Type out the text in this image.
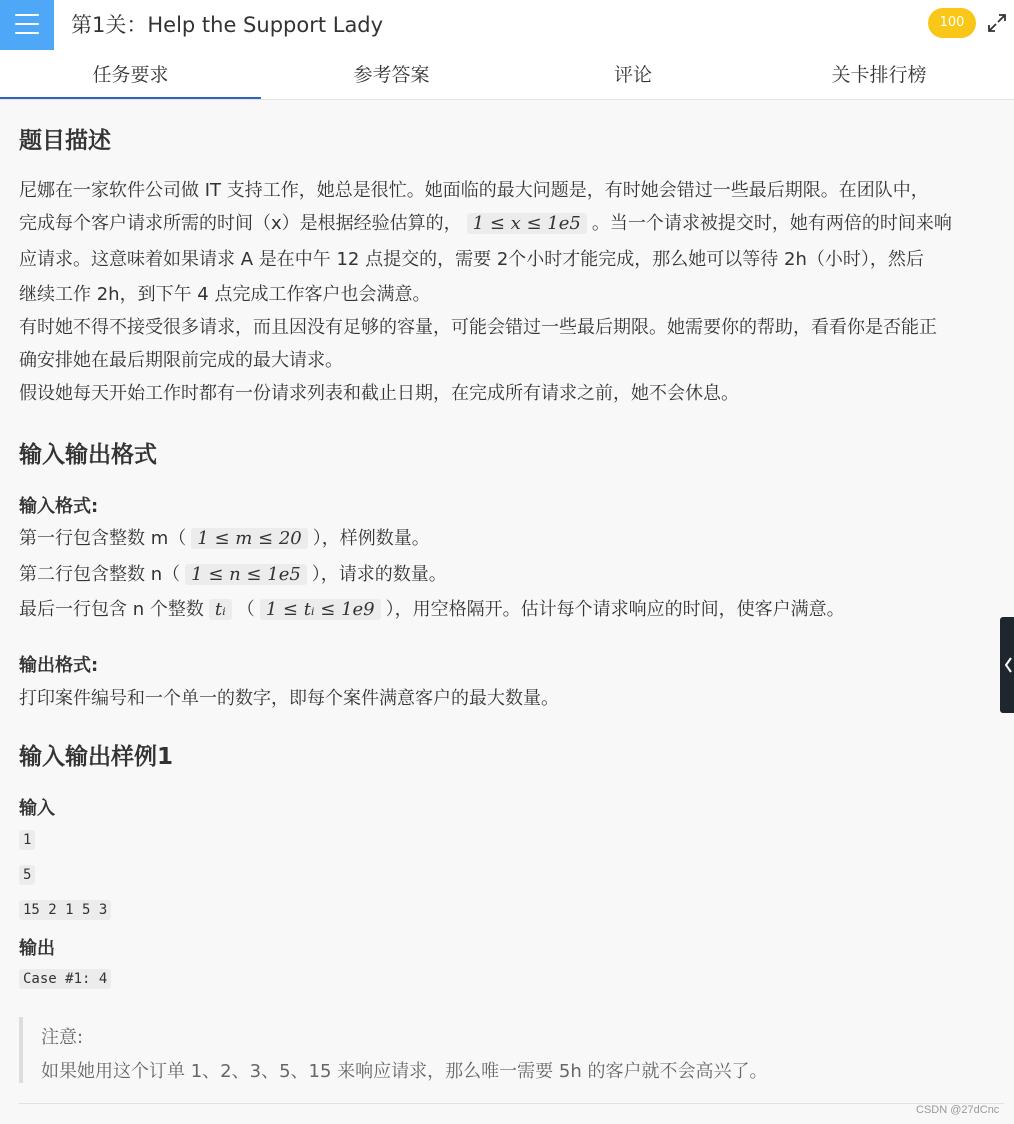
第1关：Help the Support Lady	100
任务要求	参考答案	评论	关卡排行榜
题目描述
尼娜在一家软件公司做 IT 支持工作，她总是很忙。她面临的最大问题是，有时她会错过一些最后期限。在团队中，
完成每个客户请求所需的时间（x）是根据经验估算的， 1 ≤ x ≤ 1e5 。当一个请求被提交时，她有两倍的时间来响
应请求。这意味着如果请求 A 是在中午 12 点提交的，需要 2个小时才能完成，那么她可以等待 2h（小时），然后
继续工作 2h，到下午 4 点完成工作客户也会满意。
有时她不得不接受很多请求，而且因没有足够的容量，可能会错过一些最后期限。她需要你的帮助，看看你是否能正
确安排她在最后期限前完成的最大请求。
假设她每天开始工作时都有一份请求列表和截止日期，在完成所有请求之前，她不会休息。
输入输出格式
输入格式:
第一行包含整数 m（ 1 ≤ m ≤ 20 ），样例数量。
第二行包含整数 n（ 1 ≤ n ≤ 1e5 ），请求的数量。
最后一行包含 n 个整数 tᵢ （ 1 ≤ tᵢ ≤ 1e9 ），用空格隔开。估计每个请求响应的时间，使客户满意。
输出格式:
打印案件编号和一个单一的数字，即每个案件满意客户的最大数量。
输入输出样例1
输入
1
5
15 2 1 5 3
输出
Case #1: 4
注意:
如果她用这个订单 1、2、3、5、15 来响应请求，那么唯一需要 5h 的客户就不会高兴了。
CSDN @27dCnc
